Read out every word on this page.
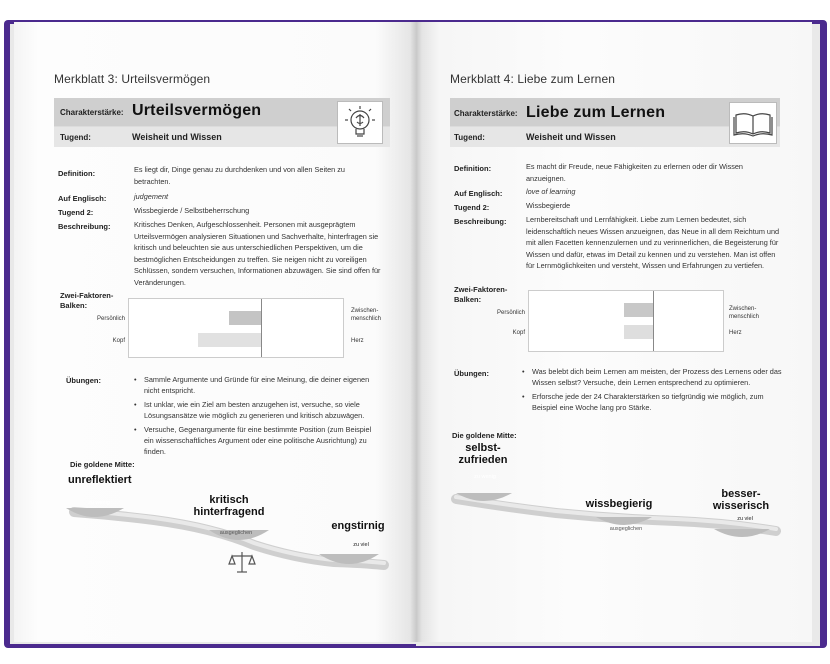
Merkblatt 3: Urteilsvermögen
Charakterstärke: Urteilsvermögen
Tugend:	Weisheit und Wissen
Definition:	Es liegt dir, Dinge genau zu durchdenken und von allen Seiten zu betrachten.
Auf Englisch:	judgement
Tugend 2:	Wissbegierde / Selbstbeherrschung
Beschreibung:	Kritisches Denken, Aufgeschlossenheit. Personen mit ausgeprägtem Urteilsvermögen analysieren Situationen und Sachverhalte, hinterfragen sie kritisch und beleuchten sie aus unterschiedlichen Perspektiven, um die bestmöglichen Entscheidungen zu treffen. Sie neigen nicht zu voreiligen Schlüssen, sondern versuchen, Informationen abzuwägen. Sie sind offen für Veränderungen.
Zwei-Faktoren-Balken:
Persönlich
Kopf
Zwischen-menschlich
Herz
Übungen:	• Sammle Argumente und Gründe für eine Meinung, die deiner eigenen nicht entspricht.
• Ist unklar, wie ein Ziel am besten anzugehen ist, versuche, so viele Lösungsansätze wie möglich zu generieren und kritisch abzuwägen.
• Versuche, Gegenargumente für eine bestimmte Position (zum Beispiel ein wissenschaftliches Argument oder eine politische Ausrichtung) zu finden.
Die goldene Mitte:
unreflektiert
zu wenig	kritisch hinterfragend
ausgeglichen
engstirnig
zu viel
Merkblatt 4: Liebe zum Lernen
Charakterstärke: Liebe zum Lernen
Tugend:	Weisheit und Wissen
Definition:	Es macht dir Freude, neue Fähigkeiten zu erlernen oder dir Wissen anzueignen.
Auf Englisch:	love of learning
Tugend 2:	Wissbegierde
Beschreibung:	Lernbereitschaft und Lernfähigkeit. Liebe zum Lernen bedeutet, sich leidenschaftlich neues Wissen anzueignen, das Neue in all dem Reichtum und mit allen Facetten kennenzulernen und zu verinnerlichen, die Begeisterung für Wissen und dafür, etwas im Detail zu kennen und zu verstehen. Man ist offen für Lernmöglichkeiten und versteht, Wissen und Erfahrungen zu vertiefen.
Zwei-Faktoren-Balken:
Persönlich
Kopf
Zwischen-menschlich
Herz
Übungen:	• Was belebt dich beim Lernen am meisten, der Prozess des Lernens oder das Wissen selbst? Versuche, dein Lernen entsprechend zu optimieren.
• Erforsche jede der 24 Charakterstärken so tiefgründig wie möglich, zum Beispiel eine Woche lang pro Stärke.
Die goldene Mitte:
selbst-zufrieden
zu wenig
wissbegierig
ausgeglichen
besser-wisserisch
zu viel
